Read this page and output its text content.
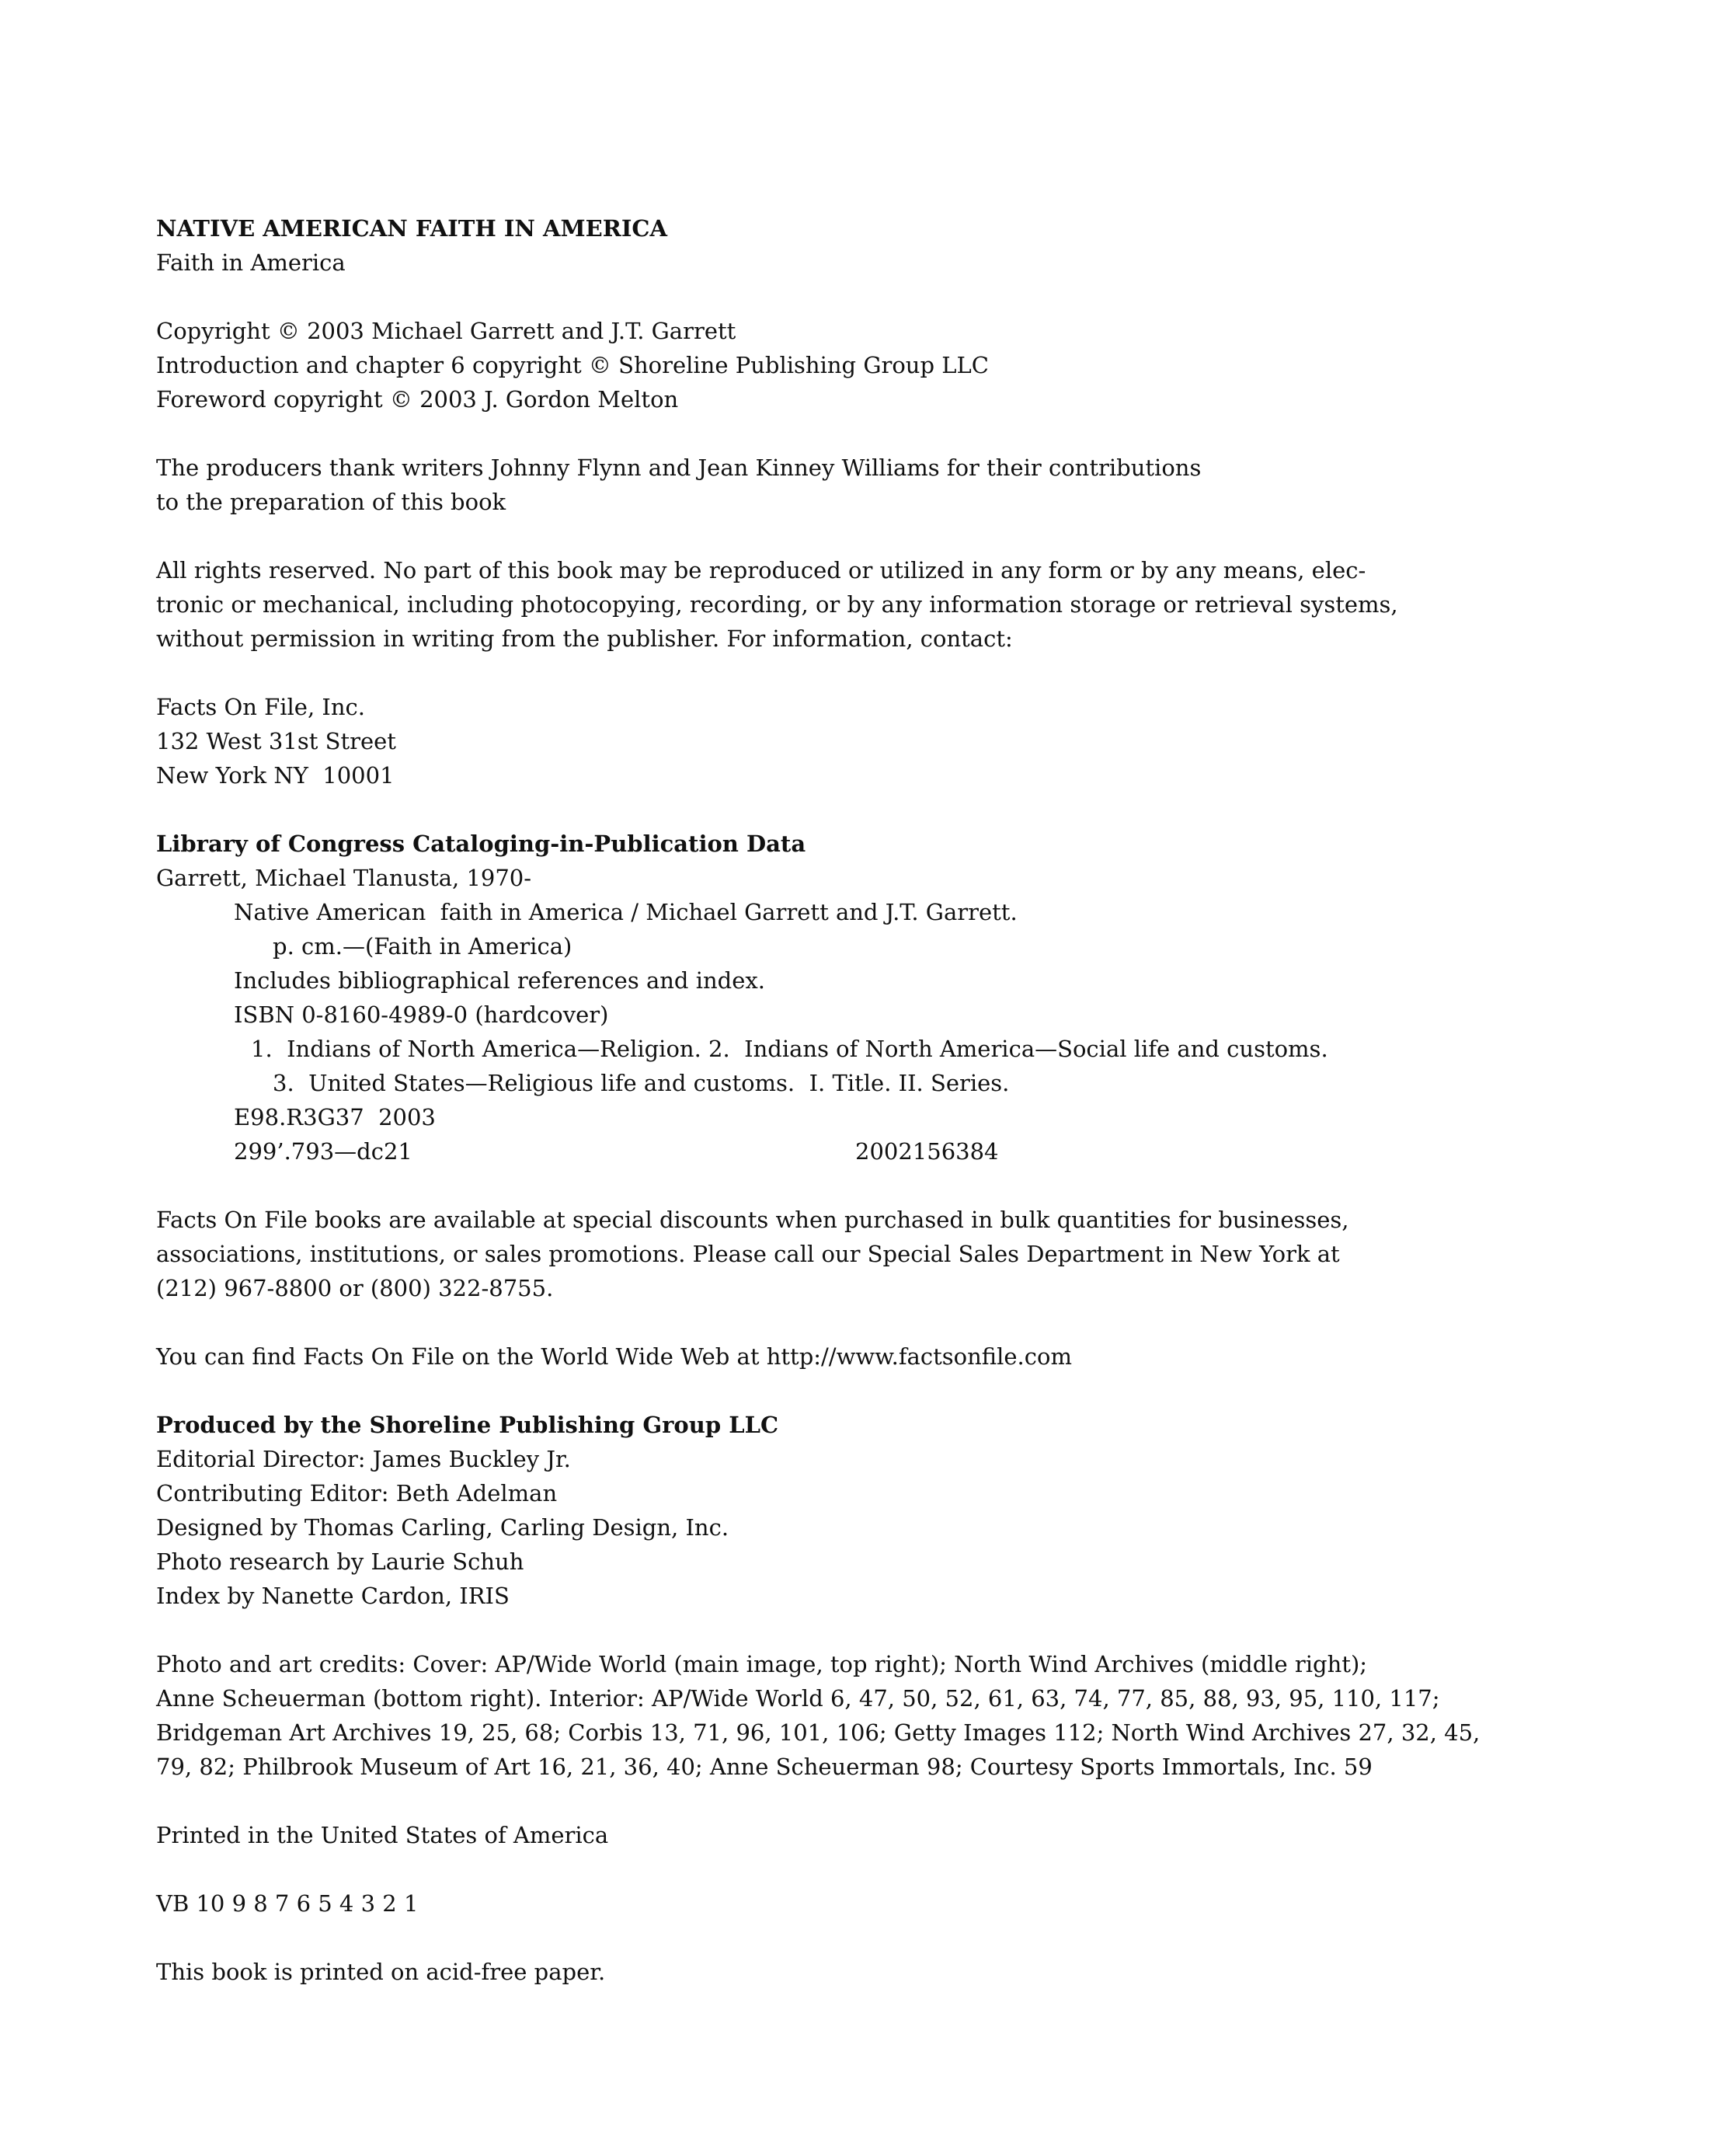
NATIVE AMERICAN FAITH IN AMERICA
Faith in America
Copyright © 2003 Michael Garrett and J.T. Garrett
Introduction and chapter 6 copyright © Shoreline Publishing Group LLC
Foreword copyright © 2003 J. Gordon Melton
The producers thank writers Johnny Flynn and Jean Kinney Williams for their contributions
to the preparation of this book
All rights reserved. No part of this book may be reproduced or utilized in any form or by any means, elec-
tronic or mechanical, including photocopying, recording, or by any information storage or retrieval systems,
without permission in writing from the publisher. For information, contact:
Facts On File, Inc.
132 West 31st Street
New York NY  10001
Library of Congress Cataloging-in-Publication Data
Garrett, Michael Tlanusta, 1970-
Native American  faith in America / Michael Garrett and J.T. Garrett.
p. cm.—(Faith in America)
Includes bibliographical references and index.
ISBN 0-8160-4989-0 (hardcover)
1.  Indians of North America—Religion. 2.  Indians of North America—Social life and customs.
3.  United States—Religious life and customs.  I. Title. II. Series.
E98.R3G37  2003
299’.793—dc21	2002156384
Facts On File books are available at special discounts when purchased in bulk quantities for businesses,
associations, institutions, or sales promotions. Please call our Special Sales Department in New York at
(212) 967-8800 or (800) 322-8755.
You can find Facts On File on the World Wide Web at http://www.factsonfile.com
Produced by the Shoreline Publishing Group LLC
Editorial Director: James Buckley Jr.
Contributing Editor: Beth Adelman
Designed by Thomas Carling, Carling Design, Inc.
Photo research by Laurie Schuh
Index by Nanette Cardon, IRIS
Photo and art credits: Cover: AP/Wide World (main image, top right); North Wind Archives (middle right);
Anne Scheuerman (bottom right). Interior: AP/Wide World 6, 47, 50, 52, 61, 63, 74, 77, 85, 88, 93, 95, 110, 117;
Bridgeman Art Archives 19, 25, 68; Corbis 13, 71, 96, 101, 106; Getty Images 112; North Wind Archives 27, 32, 45,
79, 82; Philbrook Museum of Art 16, 21, 36, 40; Anne Scheuerman 98; Courtesy Sports Immortals, Inc. 59
Printed in the United States of America
VB 10 9 8 7 6 5 4 3 2 1
This book is printed on acid-free paper.
